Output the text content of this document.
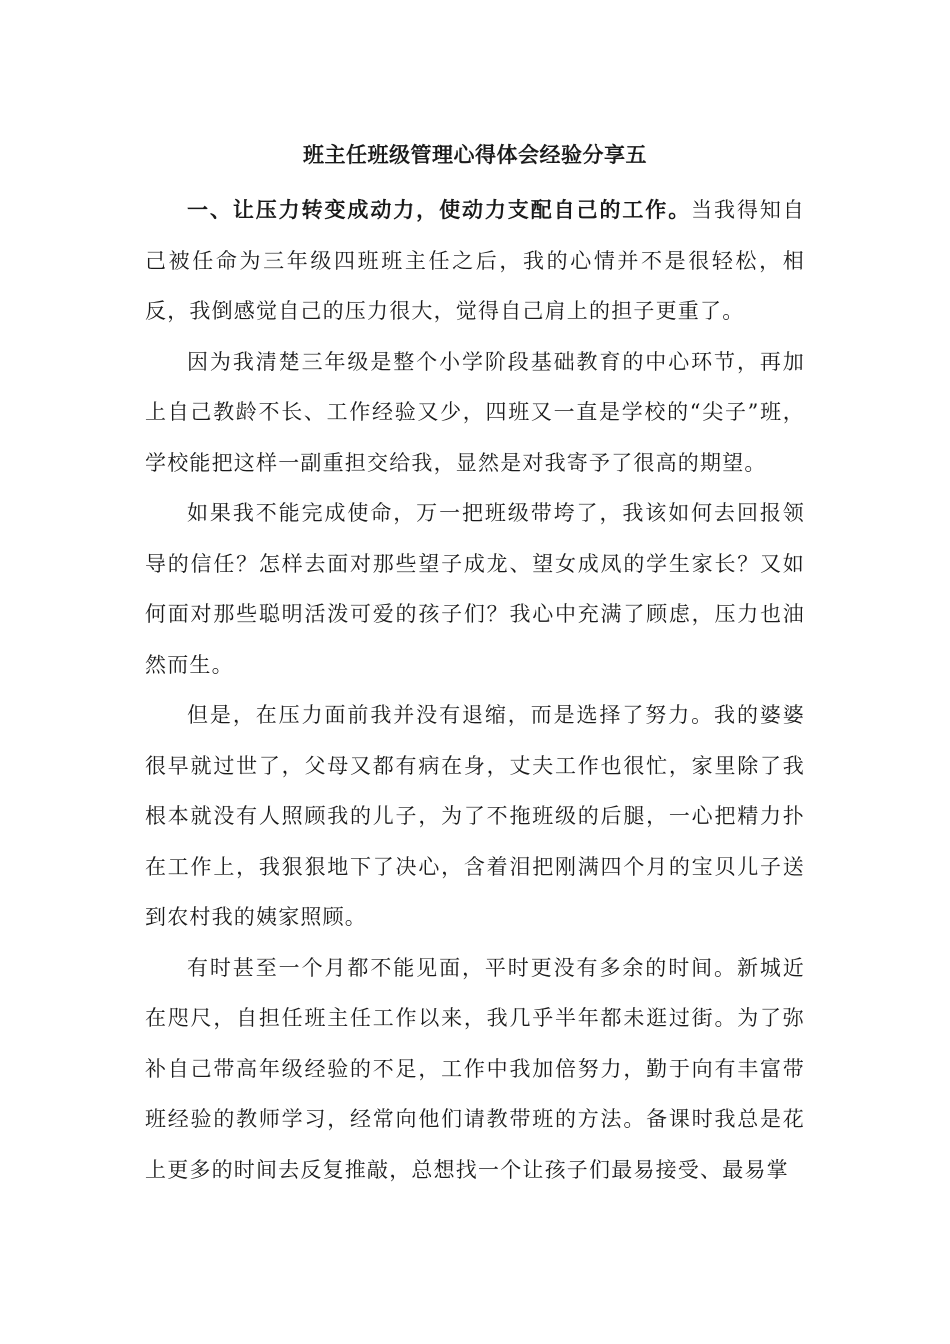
班主任班级管理心得体会经验分享五

一、让压力转变成动力，使动力支配自己的工作。当我得知自己被任命为三年级四班班主任之后，我的心情并不是很轻松，相反，我倒感觉自己的压力很大，觉得自己肩上的担子更重了。

因为我清楚三年级是整个小学阶段基础教育的中心环节，再加上自己教龄不长、工作经验又少，四班又一直是学校的“尖子”班，学校能把这样一副重担交给我，显然是对我寄予了很高的期望。

如果我不能完成使命，万一把班级带垮了，我该如何去回报领导的信任？怎样去面对那些望子成龙、望女成凤的学生家长？又如何面对那些聪明活泼可爱的孩子们？我心中充满了顾虑，压力也油然而生。

但是，在压力面前我并没有退缩，而是选择了努力。我的婆婆很早就过世了，父母又都有病在身，丈夫工作也很忙，家里除了我根本就没有人照顾我的儿子，为了不拖班级的后腿，一心把精力扑在工作上，我狠狠地下了决心，含着泪把刚满四个月的宝贝儿子送到农村我的姨家照顾。

有时甚至一个月都不能见面，平时更没有多余的时间。新城近在咫尺，自担任班主任工作以来，我几乎半年都未逛过街。为了弥补自己带高年级经验的不足，工作中我加倍努力，勤于向有丰富带班经验的教师学习，经常向他们请教带班的方法。备课时我总是花上更多的时间去反复推敲，总想找一个让孩子们最易接受、最易掌
